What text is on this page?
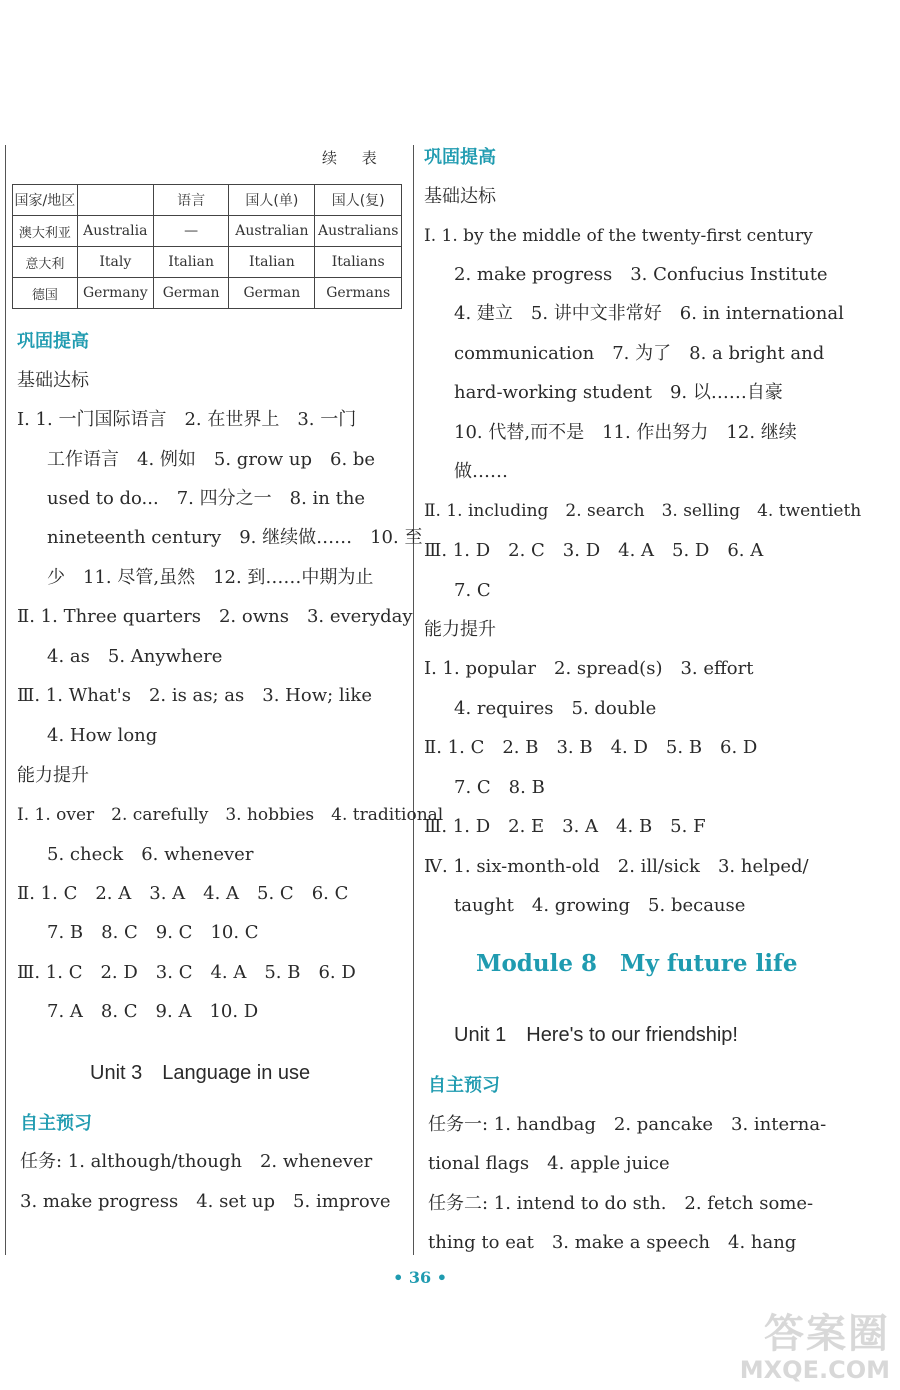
续 表
国家/地区		语言	国人(单)	国人(复)
澳大利亚	Australia	—	Australian	Australians
意大利	Italy	Italian	Italian	Italians
德国	Germany	German	German	Germans
巩固提高
基础达标
Ⅰ. 1. 一门国际语言　2. 在世界上　3. 一门
工作语言　4. 例如　5. grow up　6. be
used to do...　7. 四分之一　8. in the
nineteenth century　9. 继续做……　10. 至
少　11. 尽管,虽然　12. 到……中期为止
Ⅱ. 1. Three quarters　2. owns　3. everyday
4. as　5. Anywhere
Ⅲ. 1. What's　2. is as; as　3. How; like
4. How long
能力提升
Ⅰ. 1. over　2. carefully　3. hobbies　4. traditional
5. check　6. whenever
Ⅱ. 1. C　2. A　3. A　4. A　5. C　6. C
7. B　8. C　9. C　10. C
Ⅲ. 1. C　2. D　3. C　4. A　5. B　6. D
7. A　8. C　9. A　10. D
Unit 3　Language in use
自主预习
任务: 1. although/though　2. whenever
3. make progress　4. set up　5. improve
巩固提高
基础达标
Ⅰ. 1. by the middle of the twenty-first century
2. make progress　3. Confucius Institute
4. 建立　5. 讲中文非常好　6. in international
communication　7. 为了　8. a bright and
hard-working student　9. 以……自豪
10. 代替,而不是　11. 作出努力　12. 继续
做……
Ⅱ. 1. including　2. search　3. selling　4. twentieth
Ⅲ. 1. D　2. C　3. D　4. A　5. D　6. A
7. C
能力提升
Ⅰ. 1. popular　2. spread(s)　3. effort
4. requires　5. double
Ⅱ. 1. C　2. B　3. B　4. D　5. B　6. D
7. C　8. B
Ⅲ. 1. D　2. E　3. A　4. B　5. F
Ⅳ. 1. six-month-old　2. ill/sick　3. helped/
taught　4. growing　5. because
Module 8　My future life
Unit 1　Here's to our friendship!
自主预习
任务一: 1. handbag　2. pancake　3. interna-
tional flags　4. apple juice
任务二: 1. intend to do sth.　2. fetch some-
thing to eat　3. make a speech　4. hang
• 36 •
答案圈
MXQE.COM
